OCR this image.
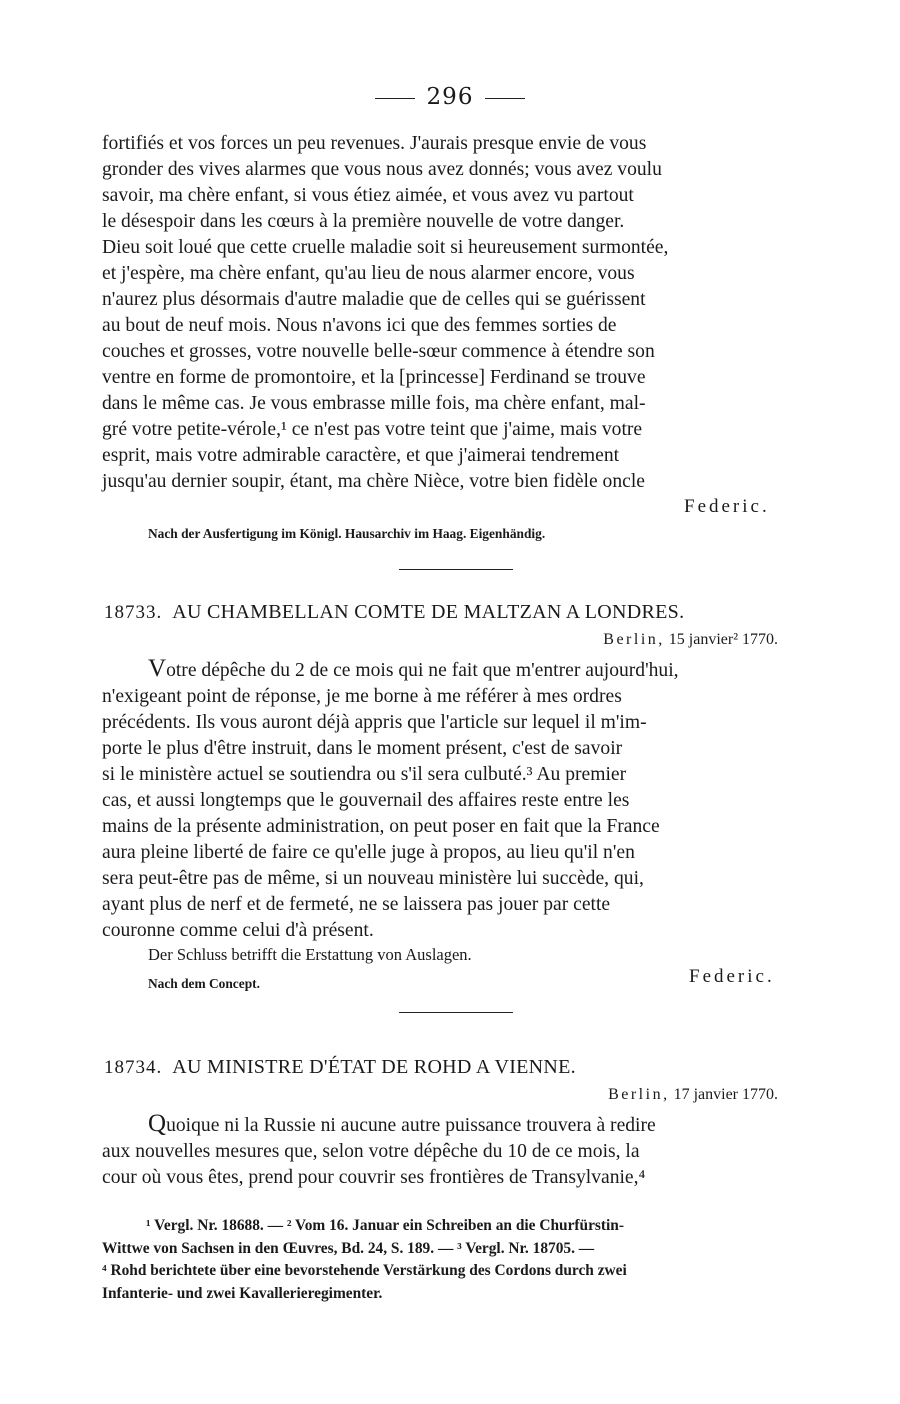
296

fortifiés et vos forces un peu revenues. J'aurais presque envie de vous

gronder des vives alarmes que vous nous avez donnés; vous avez voulu

savoir, ma chère enfant, si vous étiez aimée, et vous avez vu partout

le désespoir dans les cœurs à la première nouvelle de votre danger.

Dieu soit loué que cette cruelle maladie soit si heureusement surmontée,

et j'espère, ma chère enfant, qu'au lieu de nous alarmer encore, vous

n'aurez plus désormais d'autre maladie que de celles qui se guérissent

au bout de neuf mois. Nous n'avons ici que des femmes sorties de

couches et grosses, votre nouvelle belle-sœur commence à étendre son

ventre en forme de promontoire, et la [princesse] Ferdinand se trouve

dans le même cas. Je vous embrasse mille fois, ma chère enfant, mal-

gré votre petite-vérole,¹ ce n'est pas votre teint que j'aime, mais votre

esprit, mais votre admirable caractère, et que j'aimerai tendrement

jusqu'au dernier soupir, étant, ma chère Nièce, votre bien fidèle oncle

Federic.
Nach der Ausfertigung im Königl. Hausarchiv im Haag. Eigenhändig.
18733. AU CHAMBELLAN COMTE DE MALTZAN A LONDRES.
Berlin, 15 janvier² 1770.

Votre dépêche du 2 de ce mois qui ne fait que m'entrer aujourd'hui,

n'exigeant point de réponse, je me borne à me référer à mes ordres

précédents. Ils vous auront déjà appris que l'article sur lequel il m'im-

porte le plus d'être instruit, dans le moment présent, c'est de savoir

si le ministère actuel se soutiendra ou s'il sera culbuté.³ Au premier

cas, et aussi longtemps que le gouvernail des affaires reste entre les

mains de la présente administration, on peut poser en fait que la France

aura pleine liberté de faire ce qu'elle juge à propos, au lieu qu'il n'en

sera peut-être pas de même, si un nouveau ministère lui succède, qui,

ayant plus de nerf et de fermeté, ne se laissera pas jouer par cette

couronne comme celui d'à présent.

Der Schluss betrifft die Erstattung von Auslagen.
Nach dem Concept.	Federic.
18734. AU MINISTRE D'ÉTAT DE ROHD A VIENNE.
Berlin, 17 janvier 1770.

Quoique ni la Russie ni aucune autre puissance trouvera à redire

aux nouvelles mesures que, selon votre dépêche du 10 de ce mois, la

cour où vous êtes, prend pour couvrir ses frontières de Transylvanie,⁴

¹ Vergl. Nr. 18688. — ² Vom 16. Januar ein Schreiben an die Churfürstin-

Wittwe von Sachsen in den Œuvres, Bd. 24, S. 189. — ³ Vergl. Nr. 18705. —

⁴ Rohd berichtete über eine bevorstehende Verstärkung des Cordons durch zwei

Infanterie- und zwei Kavallerieregimenter.
